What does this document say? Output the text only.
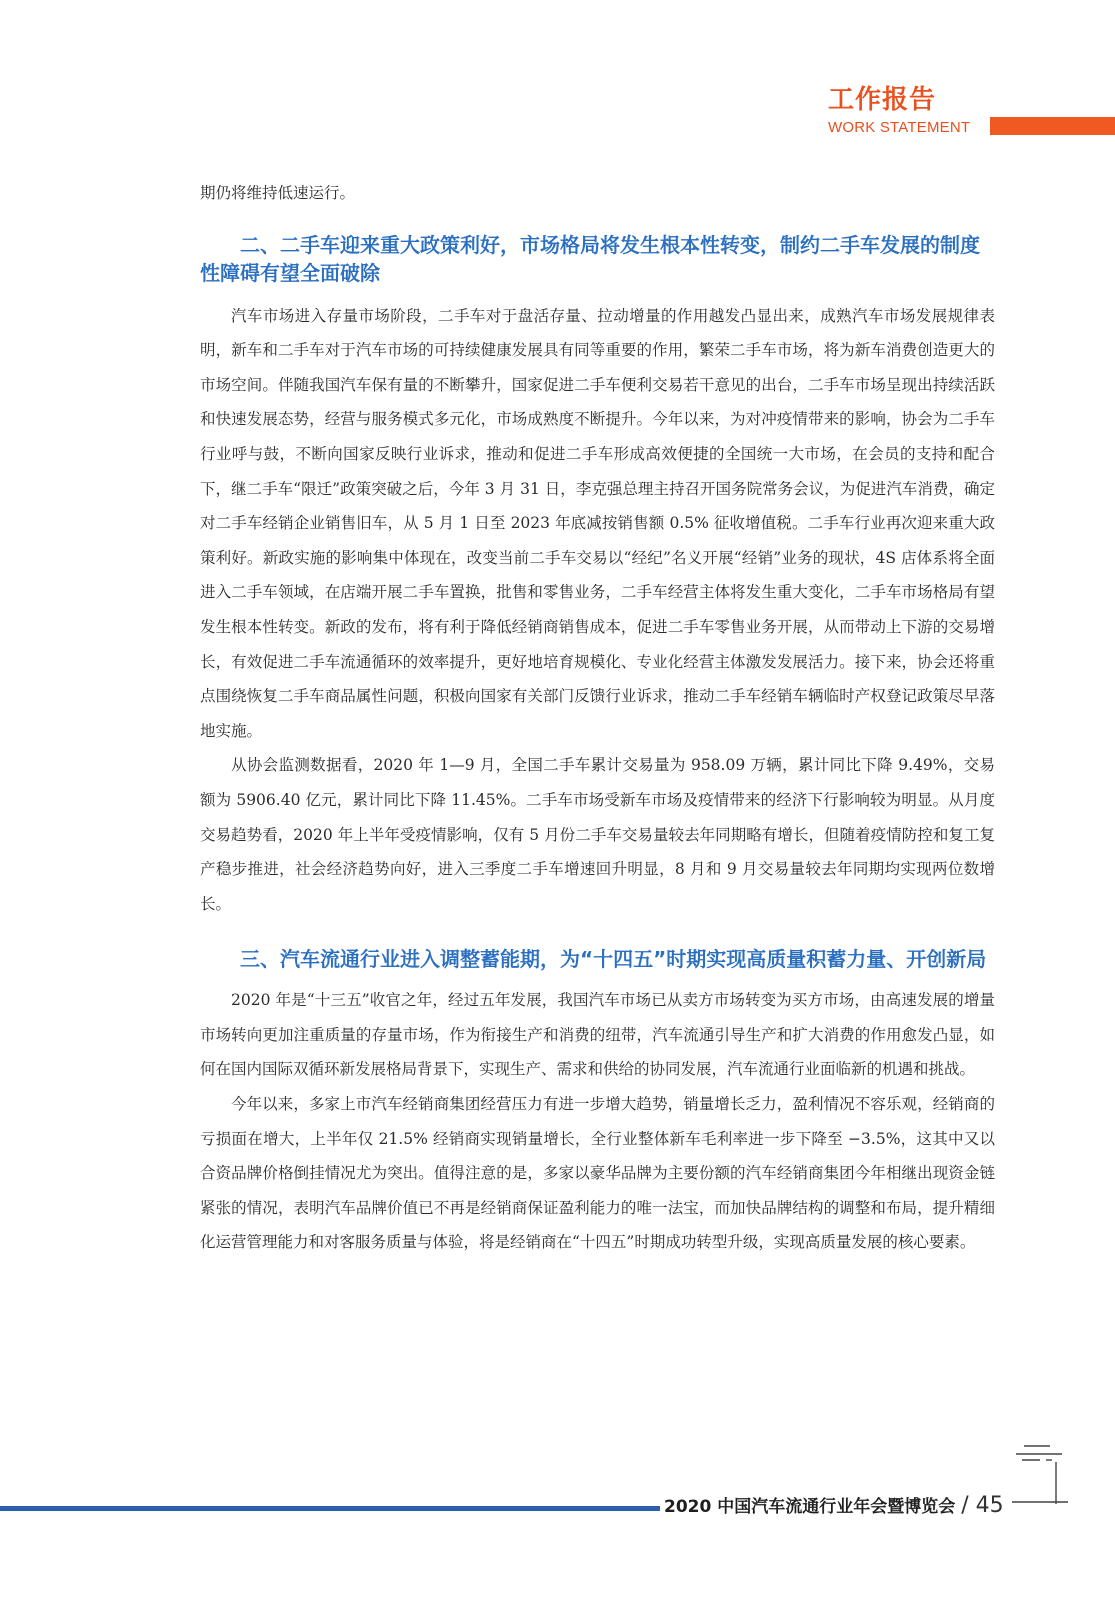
工作报告
WORK STATEMENT

期仍将维持低速运行。

二、二手车迎来重大政策利好，市场格局将发生根本性转变，制约二手车发展的制度性障碍有望全面破除

汽车市场进入存量市场阶段，二手车对于盘活存量、拉动增量的作用越发凸显出来，成熟汽车市场发展规律表明，新车和二手车对于汽车市场的可持续健康发展具有同等重要的作用，繁荣二手车市场，将为新车消费创造更大的市场空间。伴随我国汽车保有量的不断攀升，国家促进二手车便利交易若干意见的出台，二手车市场呈现出持续活跃和快速发展态势，经营与服务模式多元化，市场成熟度不断提升。今年以来，为对冲疫情带来的影响，协会为二手车行业呼与鼓，不断向国家反映行业诉求，推动和促进二手车形成高效便捷的全国统一大市场，在会员的支持和配合下，继二手车“限迁”政策突破之后，今年 3 月 31 日，李克强总理主持召开国务院常务会议，为促进汽车消费，确定对二手车经销企业销售旧车，从 5 月 1 日至 2023 年底减按销售额 0.5% 征收增值税。二手车行业再次迎来重大政策利好。新政实施的影响集中体现在，改变当前二手车交易以“经纪”名义开展“经销”业务的现状，4S 店体系将全面进入二手车领域，在店端开展二手车置换，批售和零售业务，二手车经营主体将发生重大变化，二手车市场格局有望发生根本性转变。新政的发布，将有利于降低经销商销售成本，促进二手车零售业务开展，从而带动上下游的交易增长，有效促进二手车流通循环的效率提升，更好地培育规模化、专业化经营主体激发发展活力。接下来，协会还将重点围绕恢复二手车商品属性问题，积极向国家有关部门反馈行业诉求，推动二手车经销车辆临时产权登记政策尽早落地实施。

从协会监测数据看，2020 年 1—9 月，全国二手车累计交易量为 958.09 万辆，累计同比下降 9.49%，交易额为 5906.40 亿元，累计同比下降 11.45%。二手车市场受新车市场及疫情带来的经济下行影响较为明显。从月度交易趋势看，2020 年上半年受疫情影响，仅有 5 月份二手车交易量较去年同期略有增长，但随着疫情防控和复工复产稳步推进，社会经济趋势向好，进入三季度二手车增速回升明显，8 月和 9 月交易量较去年同期均实现两位数增长。

三、汽车流通行业进入调整蓄能期，为“十四五”时期实现高质量积蓄力量、开创新局

2020 年是“十三五”收官之年，经过五年发展，我国汽车市场已从卖方市场转变为买方市场，由高速发展的增量市场转向更加注重质量的存量市场，作为衔接生产和消费的纽带，汽车流通引导生产和扩大消费的作用愈发凸显，如何在国内国际双循环新发展格局背景下，实现生产、需求和供给的协同发展，汽车流通行业面临新的机遇和挑战。

今年以来，多家上市汽车经销商集团经营压力有进一步增大趋势，销量增长乏力，盈利情况不容乐观，经销商的亏损面在增大，上半年仅 21.5% 经销商实现销量增长，全行业整体新车毛利率进一步下降至 −3.5%，这其中又以合资品牌价格倒挂情况尤为突出。值得注意的是，多家以豪华品牌为主要份额的汽车经销商集团今年相继出现资金链紧张的情况，表明汽车品牌价值已不再是经销商保证盈利能力的唯一法宝，而加快品牌结构的调整和布局，提升精细化运营管理能力和对客服务质量与体验，将是经销商在“十四五”时期成功转型升级，实现高质量发展的核心要素。

2020 中国汽车流通行业年会暨博览会 / 45
